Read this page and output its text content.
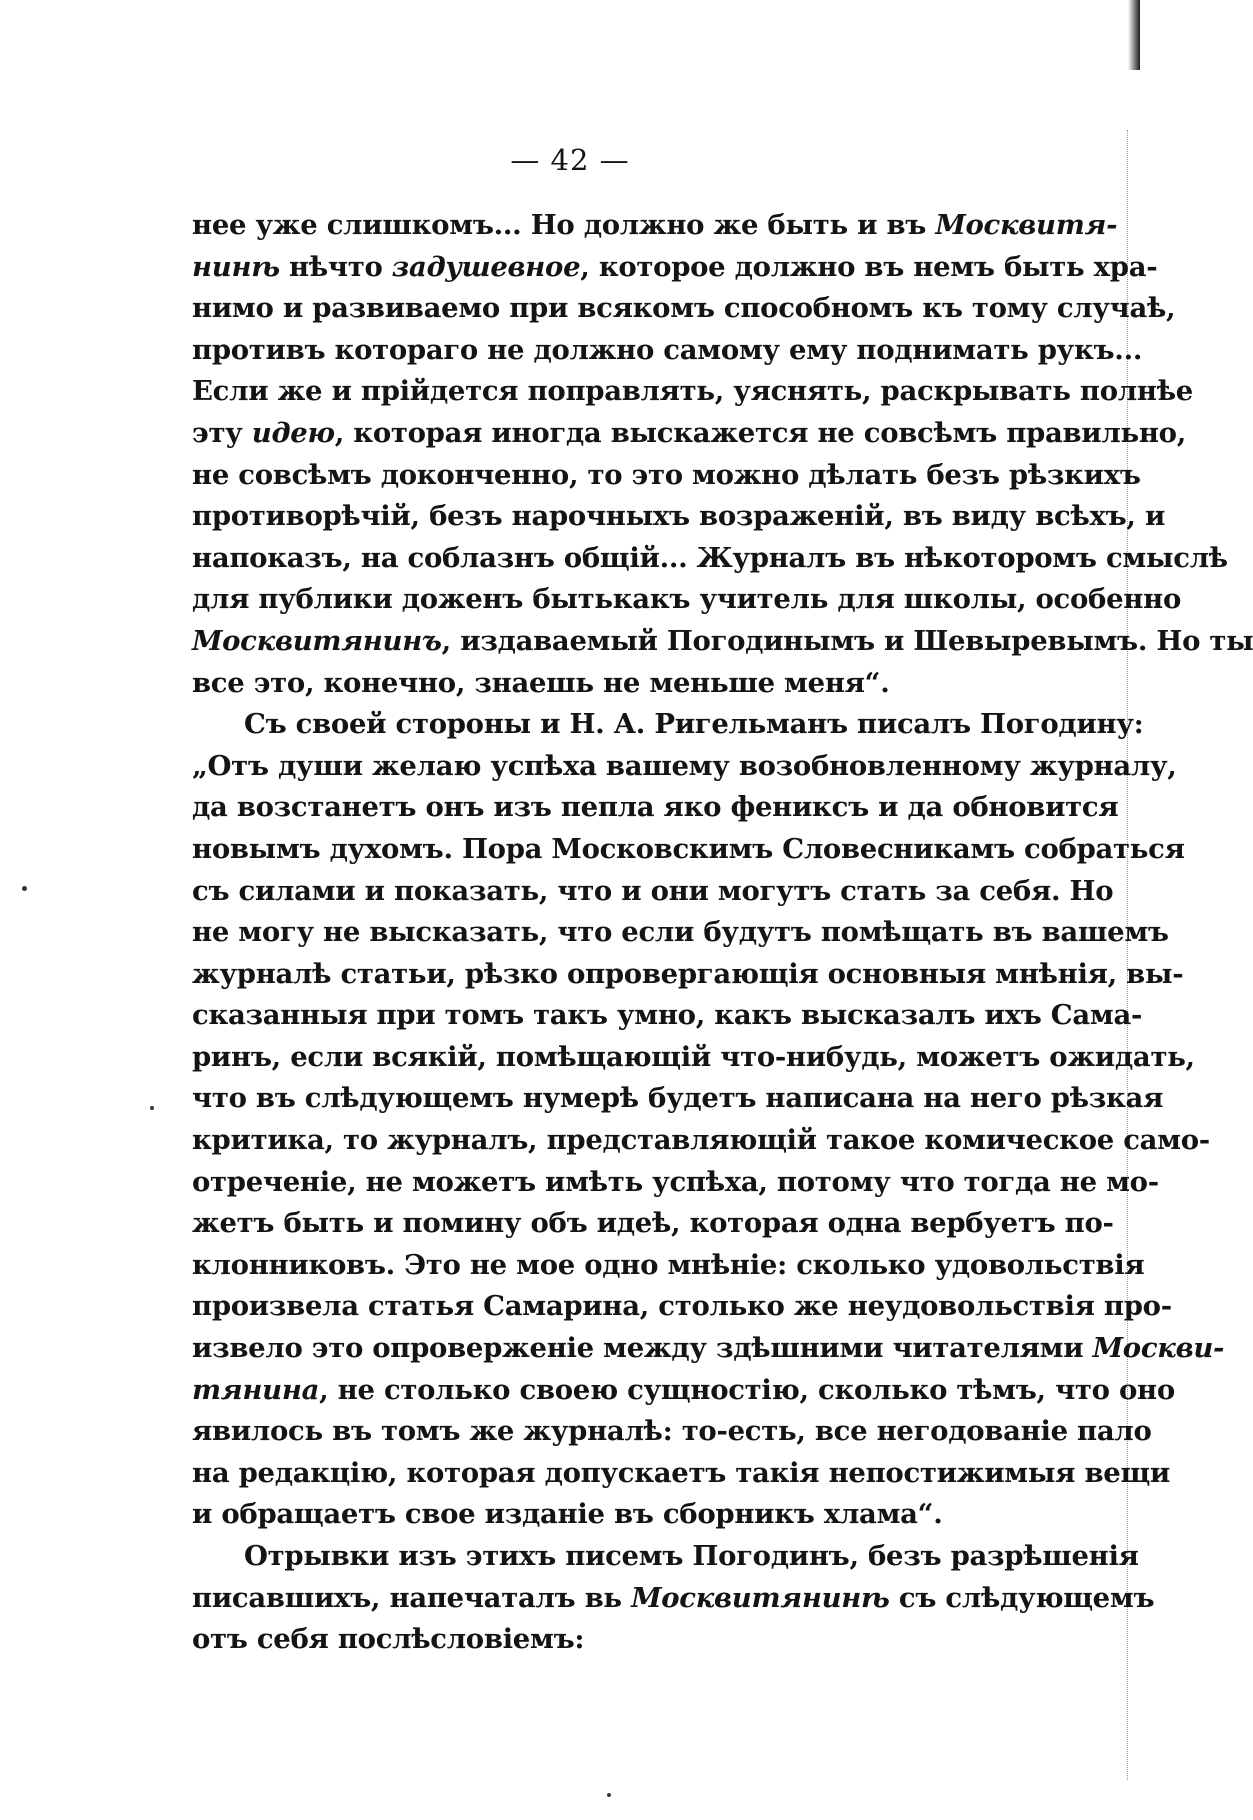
— 42 —
нее уже слишкомъ... Но должно же быть и въ Москвитя-
нинѣ нѣчто задушевное, которое должно въ немъ быть хра-
нимо и развиваемо при всякомъ способномъ къ тому случаѣ,
противъ котораго не должно самому ему поднимать рукъ...
Если же и прійдется поправлять, уяснять, раскрывать полнѣе
эту идею, которая иногда выскажется не совсѣмъ правильно,
не совсѣмъ доконченно, то это можно дѣлать безъ рѣзкихъ
противорѣчій, безъ нарочныхъ возраженій, въ виду всѣхъ, и
напоказъ, на соблазнъ общій... Журналъ въ нѣкоторомъ смыслѣ
для публики доженъ бытькакъ учитель для школы, особенно
Москвитянинъ, издаваемый Погодинымъ и Шевыревымъ. Но ты
все это, конечно, знаешь не меньше меня“.
Съ своей стороны и Н. А. Ригельманъ писалъ Погодину:
„Отъ души желаю успѣха вашему возобновленному журналу,
да возстанетъ онъ изъ пепла яко фениксъ и да обновится
новымъ духомъ. Пора Московскимъ Словесникамъ собраться
съ силами и показать, что и они могутъ стать за себя. Но
не могу не высказать, что если будутъ помѣщать въ вашемъ
журналѣ статьи, рѣзко опровергающія основныя мнѣнія, вы-
сказанныя при томъ такъ умно, какъ высказалъ ихъ Сама-
ринъ, если всякій, помѣщающій что-нибудь, можетъ ожидать,
что въ слѣдующемъ нумерѣ будетъ написана на него рѣзкая
критика, то журналъ, представляющій такое комическое само-
отреченіе, не можетъ имѣть успѣха, потому что тогда не мо-
жетъ быть и помину объ идеѣ, которая одна вербуетъ по-
клонниковъ. Это не мое одно мнѣніе: сколько удовольствія
произвела статья Самарина, столько же неудовольствія про-
извело это опроверженіе между здѣшними читателями Москви-
тянина, не столько своею сущностію, сколько тѣмъ, что оно
явилось въ томъ же журналѣ: то-есть, все негодованіе пало
на редакцію, которая допускаетъ такія непостижимыя вещи
и обращаетъ свое изданіе въ сборникъ хлама“.
Отрывки изъ этихъ писемъ Погодинъ, безъ разрѣшенія
писавшихъ, напечаталъ вь Москвитянинѣ съ слѣдующемъ
отъ себя послѣсловіемъ:
